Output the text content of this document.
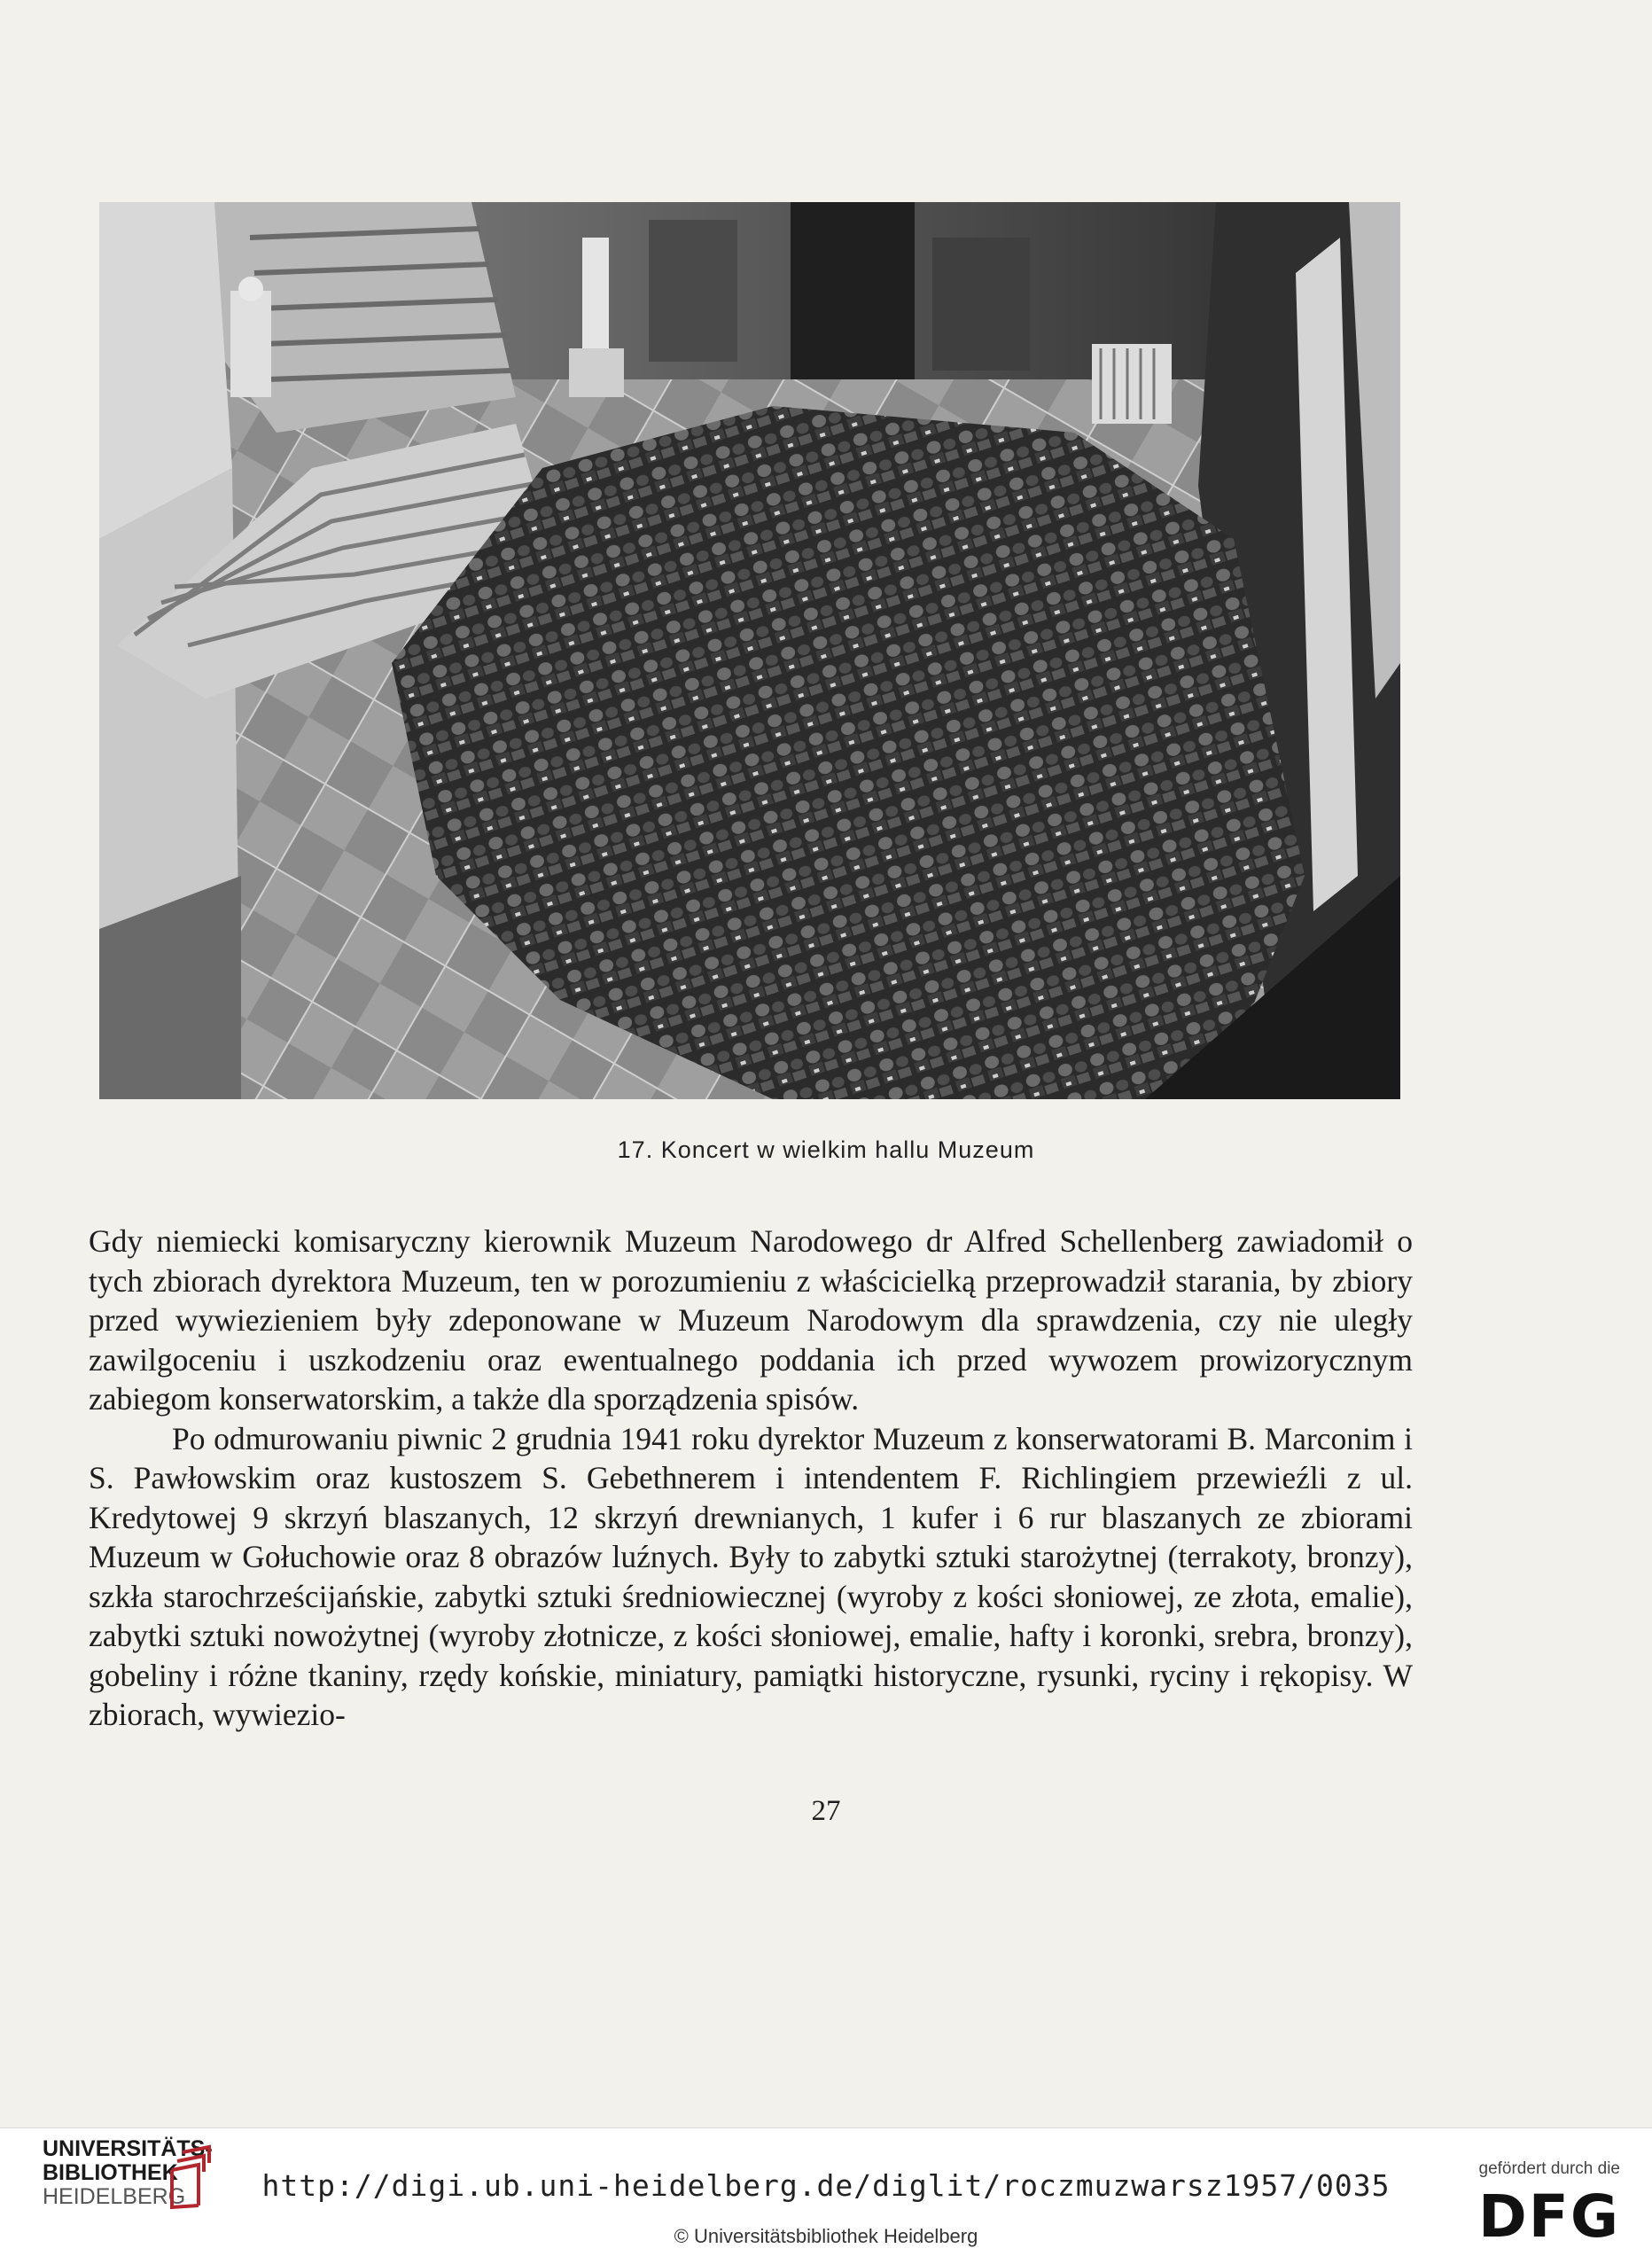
17. Koncert w wielkim hallu Muzeum

Gdy niemiecki komisaryczny kierownik Muzeum Narodowego dr Alfred Schellenberg zawiadomił o tych zbiorach dyrektora Muzeum, ten w porozumieniu z właścicielką przeprowadził starania, by zbiory przed wywiezieniem były zdeponowane w Muzeum Narodowym dla sprawdzenia, czy nie uległy zawilgoceniu i uszkodzeniu oraz ewentualnego poddania ich przed wywozem prowizorycznym zabiegom konserwatorskim, a także dla sporządzenia spisów.

Po odmurowaniu piwnic 2 grudnia 1941 roku dyrektor Muzeum z konserwatorami B. Marconim i S. Pawłowskim oraz kustoszem S. Gebethnerem i intendentem F. Richlingiem przewieźli z ul. Kredytowej 9 skrzyń blaszanych, 12 skrzyń drewnianych, 1 kufer i 6 rur blaszanych ze zbiorami Muzeum w Gołuchowie oraz 8 obrazów luźnych. Były to zabytki sztuki starożytnej (terrakoty, bronzy), szkła starochrześcijańskie, zabytki sztuki średniowiecznej (wyroby z kości słoniowej, ze złota, emalie), zabytki sztuki nowożytnej (wyroby złotnicze, z kości słoniowej, emalie, hafty i koronki, srebra, bronzy), gobeliny i różne tkaniny, rzędy końskie, miniatury, pamiątki historyczne, rysunki, ryciny i rękopisy. W zbiorach, wywiezio-

27
UNIVERSITÄTS-
BIBLIOTHEK
HEIDELBERG	http://digi.ub.uni-heidelberg.de/diglit/roczmuzwarsz1957/0035
© Universitätsbibliothek Heidelberg
gefördert durch die
DFG
